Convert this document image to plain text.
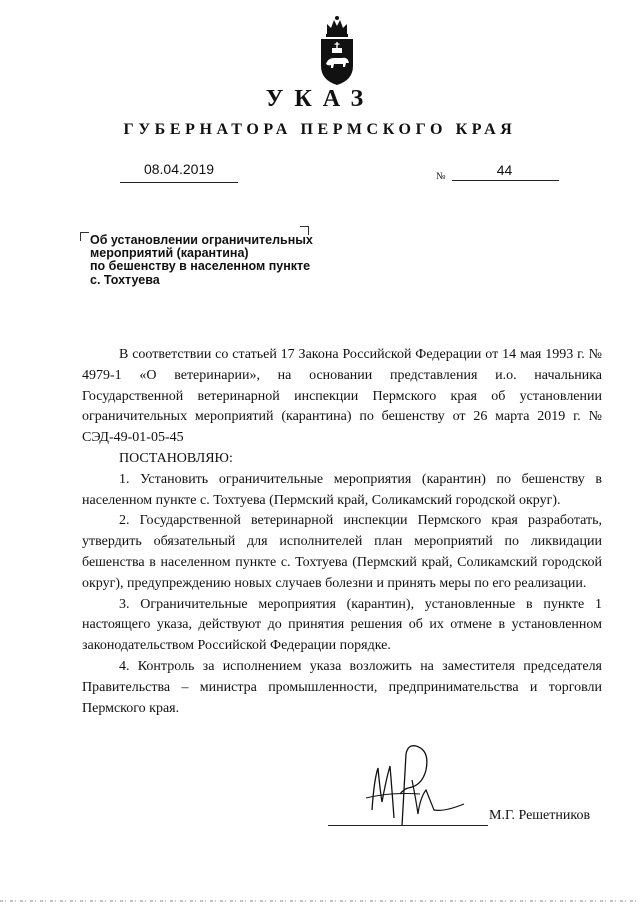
УКАЗ
ГУБЕРНАТОРА ПЕРМСКОГО КРАЯ
08.04.2019	№	44
Об установлении ограничительных
мероприятий (карантина)
по бешенству в населенном пункте
с. Тохтуева

В соответствии со статьей 17 Закона Российской Федерации от 14 мая 1993 г. № 4979-1 «О ветеринарии», на основании представления и.о. начальника Государственной ветеринарной инспекции Пермского края об установлении ограничительных мероприятий (карантина) по бешенству от 26 марта 2019 г. № СЭД-49-01-05-45

ПОСТАНОВЛЯЮ:

1. Установить ограничительные мероприятия (карантин) по бешенству в населенном пункте с. Тохтуева (Пермский край, Соликамский городской округ).

2. Государственной ветеринарной инспекции Пермского края разработать, утвердить обязательный для исполнителей план мероприятий по ликвидации бешенства в населенном пункте с. Тохтуева (Пермский край, Соликамский городской округ), предупреждению новых случаев болезни и принять меры по его реализации.

3. Ограничительные мероприятия (карантин), установленные в пункте 1 настоящего указа, действуют до принятия решения об их отмене в установленном законодательством Российской Федерации порядке.

4. Контроль за исполнением указа возложить на заместителя председателя Правительства – министра промышленности, предпринимательства и торговли Пермского края.

М.Г. Решетников
